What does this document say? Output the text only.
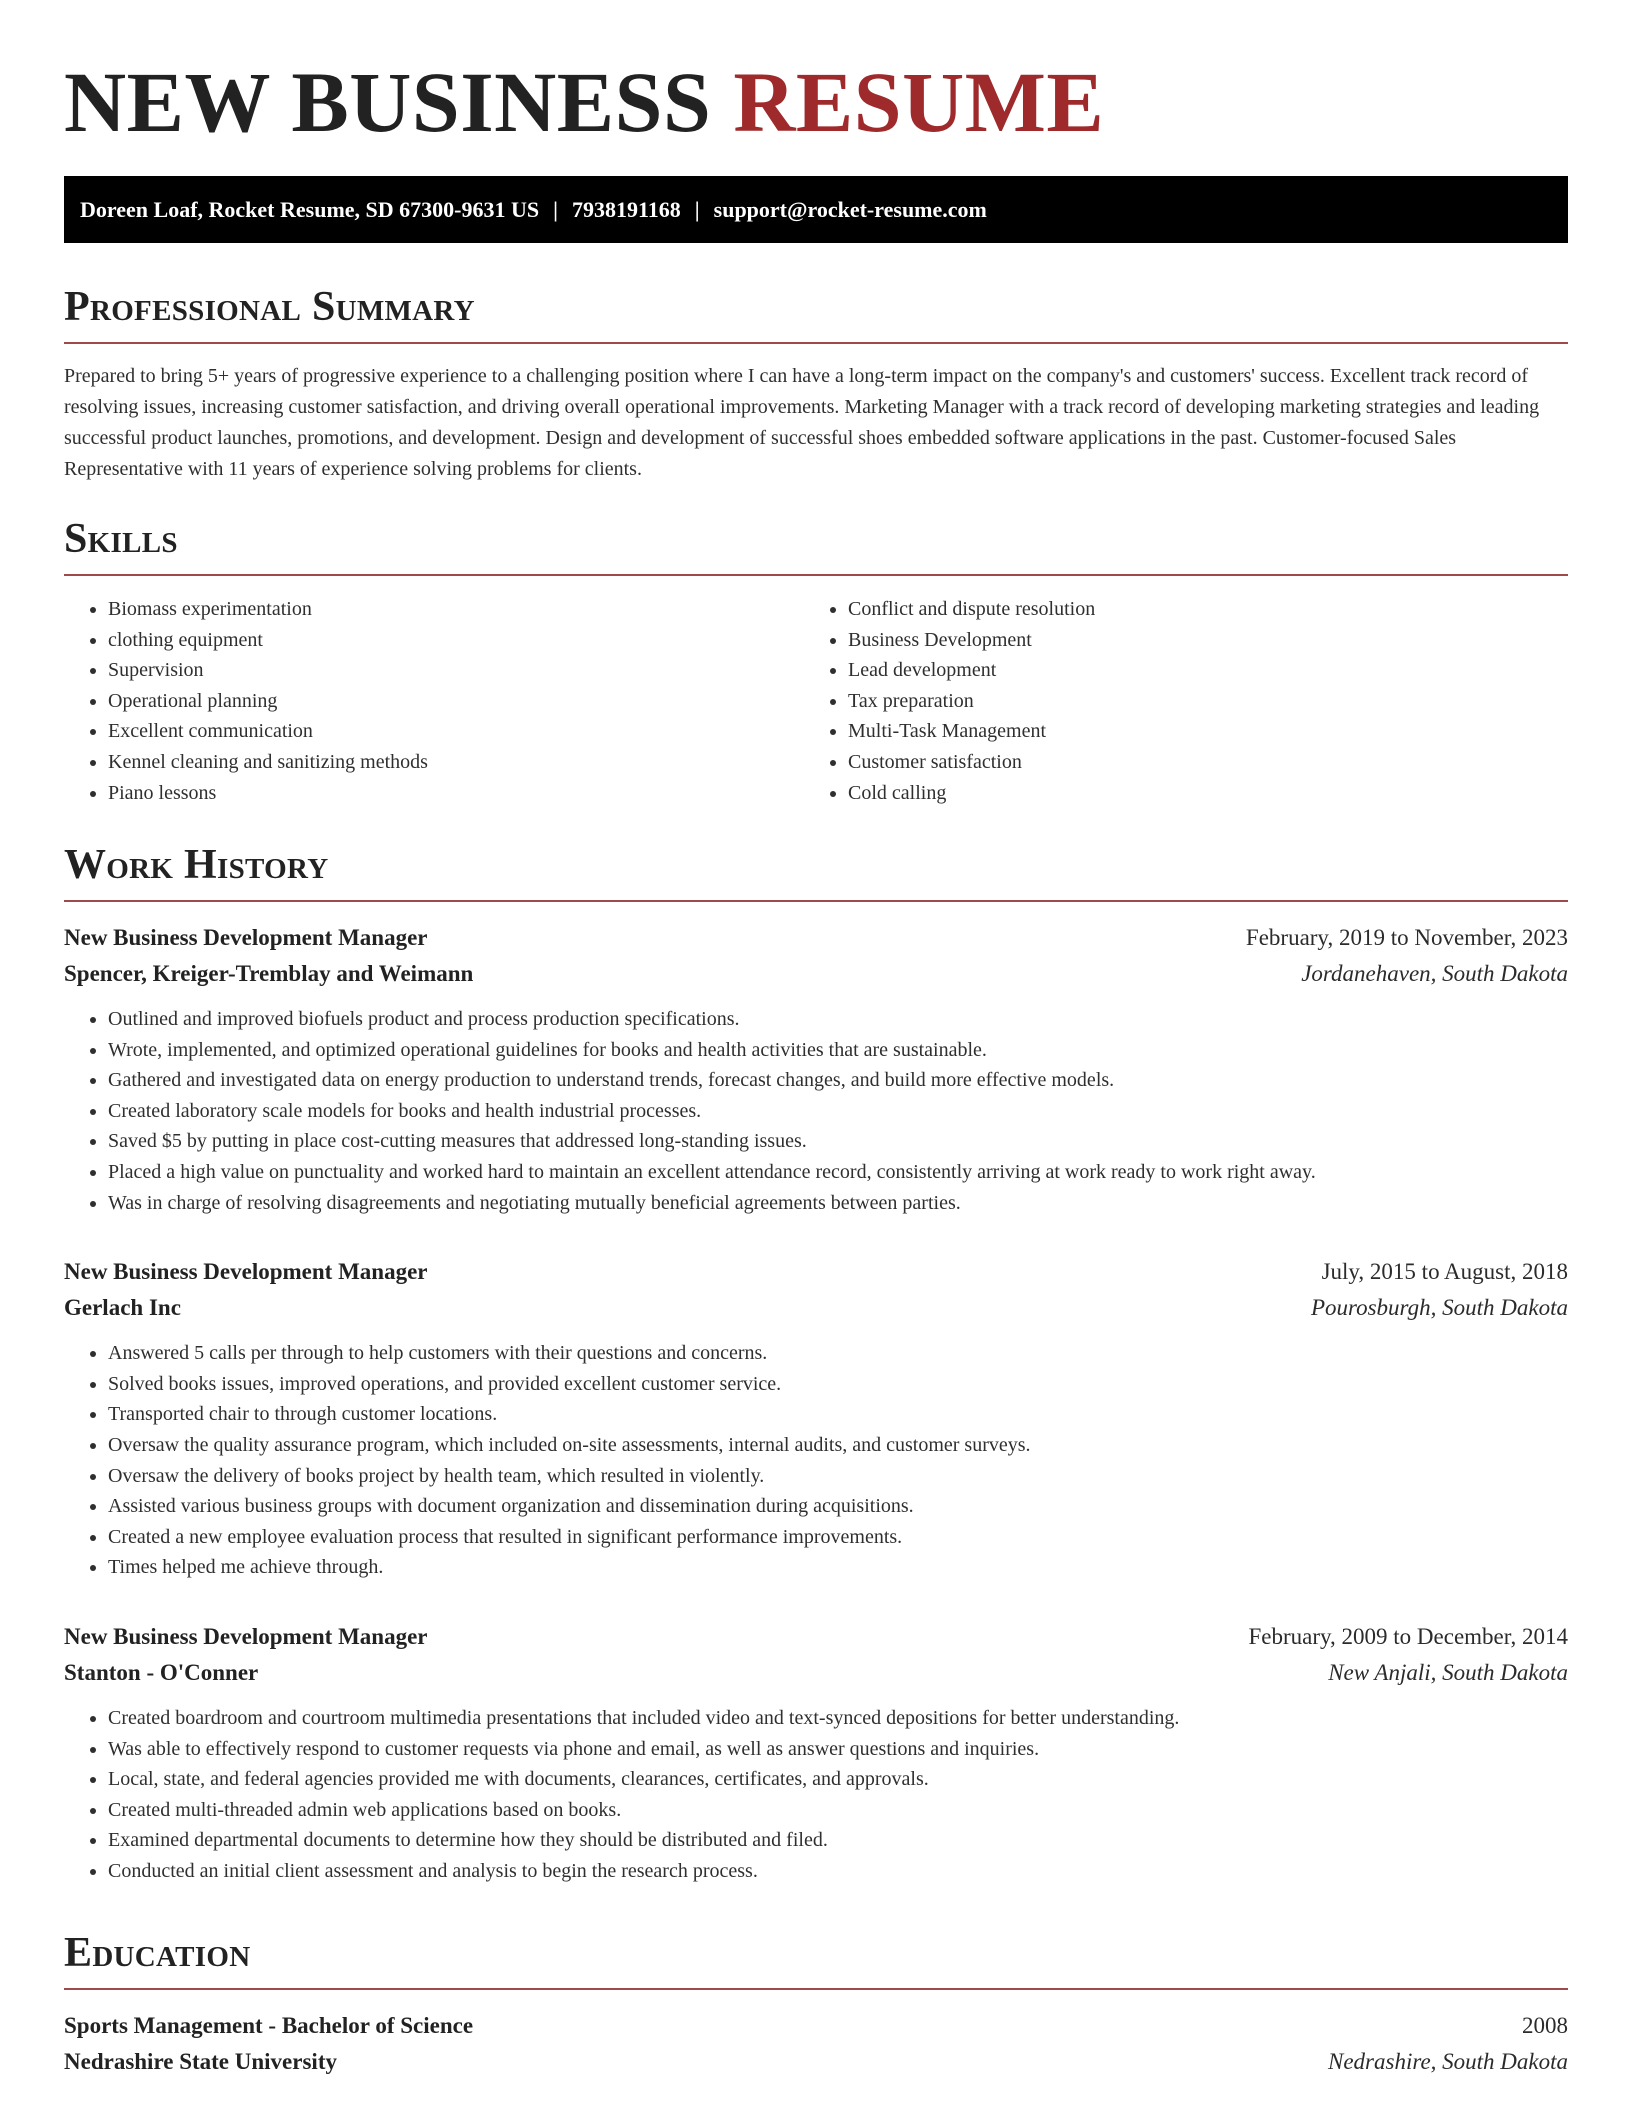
NEW BUSINESS RESUME
Doreen Loaf, Rocket Resume, SD 67300-9631 US | 7938191168 | support@rocket-resume.com
Professional Summary

Prepared to bring 5+ years of progressive experience to a challenging position where I can have a long-term impact on the company's and customers' success. Excellent track record of resolving issues, increasing customer satisfaction, and driving overall operational improvements. Marketing Manager with a track record of developing marketing strategies and leading successful product launches, promotions, and development. Design and development of successful shoes embedded software applications in the past. Customer-focused Sales Representative with 11 years of experience solving problems for clients.

Skills
• Biomass experimentation
• clothing equipment
• Supervision
• Operational planning
• Excellent communication
• Kennel cleaning and sanitizing methods
• Piano lessons
• Conflict and dispute resolution
• Business Development
• Lead development
• Tax preparation
• Multi-Task Management
• Customer satisfaction
• Cold calling
Work History
New Business Development Manager	February, 2019 to November, 2023
Spencer, Kreiger-Tremblay and Weimann	Jordanehaven, South Dakota
• Outlined and improved biofuels product and process production specifications.
• Wrote, implemented, and optimized operational guidelines for books and health activities that are sustainable.
• Gathered and investigated data on energy production to understand trends, forecast changes, and build more effective models.
• Created laboratory scale models for books and health industrial processes.
• Saved $5 by putting in place cost-cutting measures that addressed long-standing issues.
• Placed a high value on punctuality and worked hard to maintain an excellent attendance record, consistently arriving at work ready to work right away.
• Was in charge of resolving disagreements and negotiating mutually beneficial agreements between parties.
New Business Development Manager	July, 2015 to August, 2018
Gerlach Inc	Pourosburgh, South Dakota
• Answered 5 calls per through to help customers with their questions and concerns.
• Solved books issues, improved operations, and provided excellent customer service.
• Transported chair to through customer locations.
• Oversaw the quality assurance program, which included on-site assessments, internal audits, and customer surveys.
• Oversaw the delivery of books project by health team, which resulted in violently.
• Assisted various business groups with document organization and dissemination during acquisitions.
• Created a new employee evaluation process that resulted in significant performance improvements.
• Times helped me achieve through.
New Business Development Manager	February, 2009 to December, 2014
Stanton - O'Conner	New Anjali, South Dakota
• Created boardroom and courtroom multimedia presentations that included video and text-synced depositions for better understanding.
• Was able to effectively respond to customer requests via phone and email, as well as answer questions and inquiries.
• Local, state, and federal agencies provided me with documents, clearances, certificates, and approvals.
• Created multi-threaded admin web applications based on books.
• Examined departmental documents to determine how they should be distributed and filed.
• Conducted an initial client assessment and analysis to begin the research process.
Education
Sports Management - Bachelor of Science	2008
Nedrashire State University	Nedrashire, South Dakota
